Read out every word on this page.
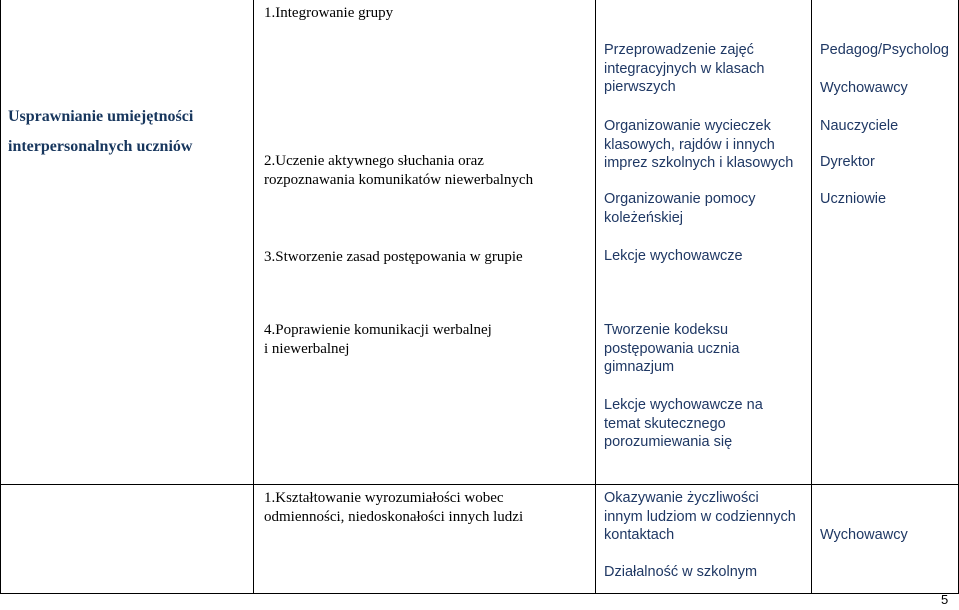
Usprawnianie umiejętności
interpersonalnych uczniów
1.Integrowanie grupy
2.Uczenie aktywnego słuchania oraz
rozpoznawania komunikatów niewerbalnych
3.Stworzenie zasad postępowania w grupie
4.Poprawienie komunikacji werbalnej
i niewerbalnej
Przeprowadzenie zajęć
integracyjnych w klasach
pierwszych
Organizowanie wycieczek
klasowych, rajdów i innych
imprez szkolnych i klasowych
Organizowanie pomocy
koleżeńskiej
Lekcje wychowawcze
Tworzenie kodeksu
postępowania ucznia
gimnazjum
Lekcje wychowawcze na
temat skutecznego
porozumiewania się
Pedagog/Psycholog
Wychowawcy
Nauczyciele
Dyrektor
Uczniowie
1.Kształtowanie wyrozumiałości wobec
odmienności, niedoskonałości innych ludzi
Okazywanie życzliwości
innym ludziom w codziennych
kontaktach
Działalność w szkolnym
Wychowawcy
5
